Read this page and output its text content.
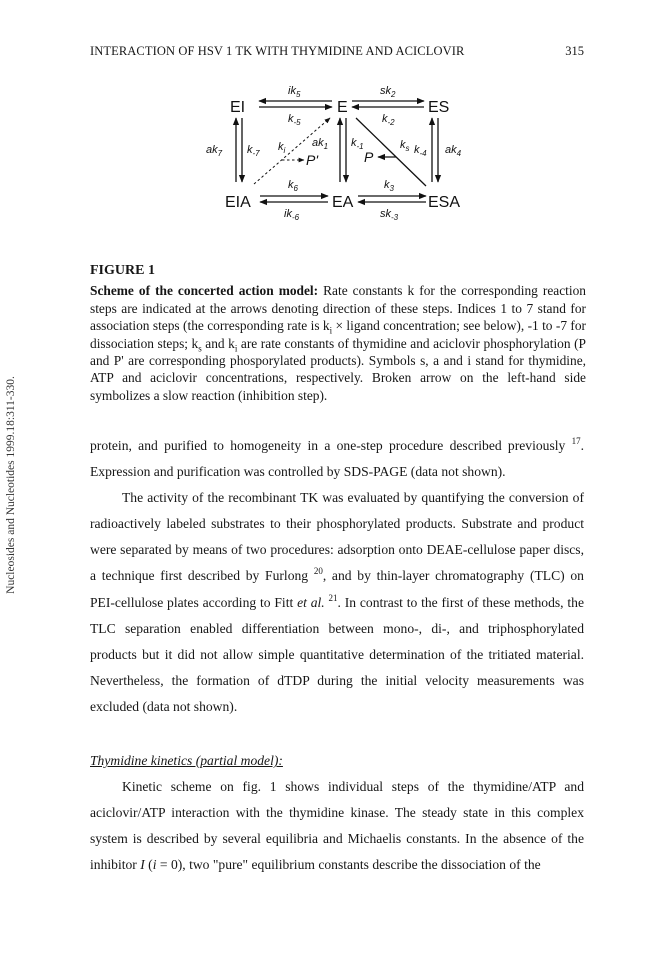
INTERACTION OF HSV 1 TK WITH THYMIDINE AND ACICLOVIR	315
Nucleosides and Nucleotides 1999.18:311-330.
EI	E	ES
EIA	EA	ESA
$ik_5$
$k_{-5}$
$sk_2$
$k_{-2}$
$k_6$
$ik_{-6}$
$k_3$
$sk_{-3}$
$ak_7$ $k_{-7}$
$ak_1$ $k_{-1}$	$k_{-4}$ $ak_4$
$k_i$
P'	P
$k_s$
FIGURE 1
Scheme of the concerted action model: Rate constants k for the corresponding reaction steps are indicated at the arrows denoting direction of these steps. Indices 1 to 7 stand for association steps (the corresponding rate is $k_i$ × ligand concentration; see below), -1 to -7 for dissociation steps; $k_s$ and $k_i$ are rate constants of thymidine and aciclovir phosphorylation (P and P' are corresponding phosporylated products). Symbols s, a and i stand for thymidine, ATP and aciclovir concentrations, respectively. Broken arrow on the left-hand side symbolizes a slow reaction (inhibition step).

protein, and purified to homogeneity in a one-step procedure described previously $^{17}$. Expression and purification was controlled by SDS-PAGE (data not shown).

The activity of the recombinant TK was evaluated by quantifying the conversion of radioactively labeled substrates to their phosphorylated products. Substrate and product were separated by means of two procedures: adsorption onto DEAE-cellulose paper discs, a technique first described by Furlong $^{20}$, and by thin-layer chromatography (TLC) on PEI-cellulose plates according to Fitt et al. $^{21}$. In contrast to the first of these methods, the TLC separation enabled differentiation between mono-, di-, and triphosphorylated products but it did not allow simple quantitative determination of the tritiated material. Nevertheless, the formation of dTDP during the initial velocity measurements was excluded (data not shown).

Thymidine kinetics (partial model):

Kinetic scheme on fig. 1 shows individual steps of the thymidine/ATP and aciclovir/ATP interaction with the thymidine kinase. The steady state in this complex system is described by several equilibria and Michaelis constants. In the absence of the inhibitor I (i = 0), two "pure" equilibrium constants describe the dissociation of the
